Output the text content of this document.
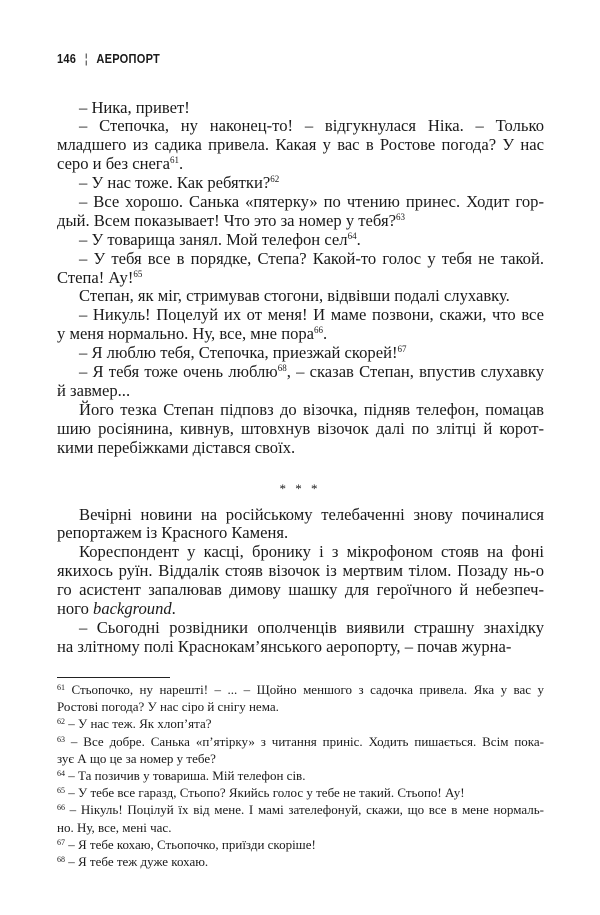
146 ¦ АЕРОПОРТ
– Ника, привет!
– Степочка, ну наконец-то! – відгукнулася Ніка. – Только
младшего из садика привела. Какая у вас в Ростове погода? У нас
серо и без снега$^{61}$.
– У нас тоже. Как ребятки?$^{62}$
– Все хорошо. Санька «пятерку» по чтению принес. Ходит гор-
дый. Всем показывает! Что это за номер у тебя?$^{63}$
– У товарища занял. Мой телефон сел$^{64}$.
– У тебя все в порядке, Степа? Какой-то голос у тебя не такой.
Степа! Ау!$^{65}$
Степан, як міг, стримував стогони, відвівши подалі слухавку.
– Никуль! Поцелуй их от меня! И маме позвони, скажи, что все
у меня нормально. Ну, все, мне пора$^{66}$.
– Я люблю тебя, Степочка, приезжай скорей!$^{67}$
– Я тебя тоже очень люблю$^{68}$, – сказав Степан, впустив слухавку
й завмер...
Його тезка Степан підповз до візочка, підняв телефон, помацав
шию росіянина, кивнув, штовхнув візочок далі по злітці й корот-
кими перебіжками дістався своїх.
* * *
Вечірні новини на російському телебаченні знову починалися
репортажем із Красного Каменя.
Кореспондент у касці, бронику і з мікрофоном стояв на фоні
якихось руїн. Віддалік стояв візочок із мертвим тілом. Позаду нь-о
го асистент запалював димову шашку для героїчного й небезпеч-
ного background.
– Сьогодні розвідники ополченців виявили страшну знахідку
на злітному полі Краснокам’янського аеропорту, – почав журна-
$^{61}$ Стьопочко, ну нарешті! – ... – Щойно меншого з садочка привела. Яка у вас у
Ростові погода? У нас сіро й снігу нема.
$^{62}$ – У нас теж. Як хлоп’ята?
$^{63}$ – Все добре. Санька «п’ятірку» з читання приніс. Ходить пишається. Всім пока-
зує А що це за номер у тебе?
$^{64}$ – Та позичив у товариша. Мій телефон сів.
$^{65}$ – У тебе все гаразд, Стьопо? Якийсь голос у тебе не такий. Стьопо! Ау!
$^{66}$ – Нікуль! Поцілуй їх від мене. І мамі зателефонуй, скажи, що все в мене нормаль-
но. Ну, все, мені час.
$^{67}$ – Я тебе кохаю, Стьопочко, приїзди скоріше!
$^{68}$ – Я тебе теж дуже кохаю.
